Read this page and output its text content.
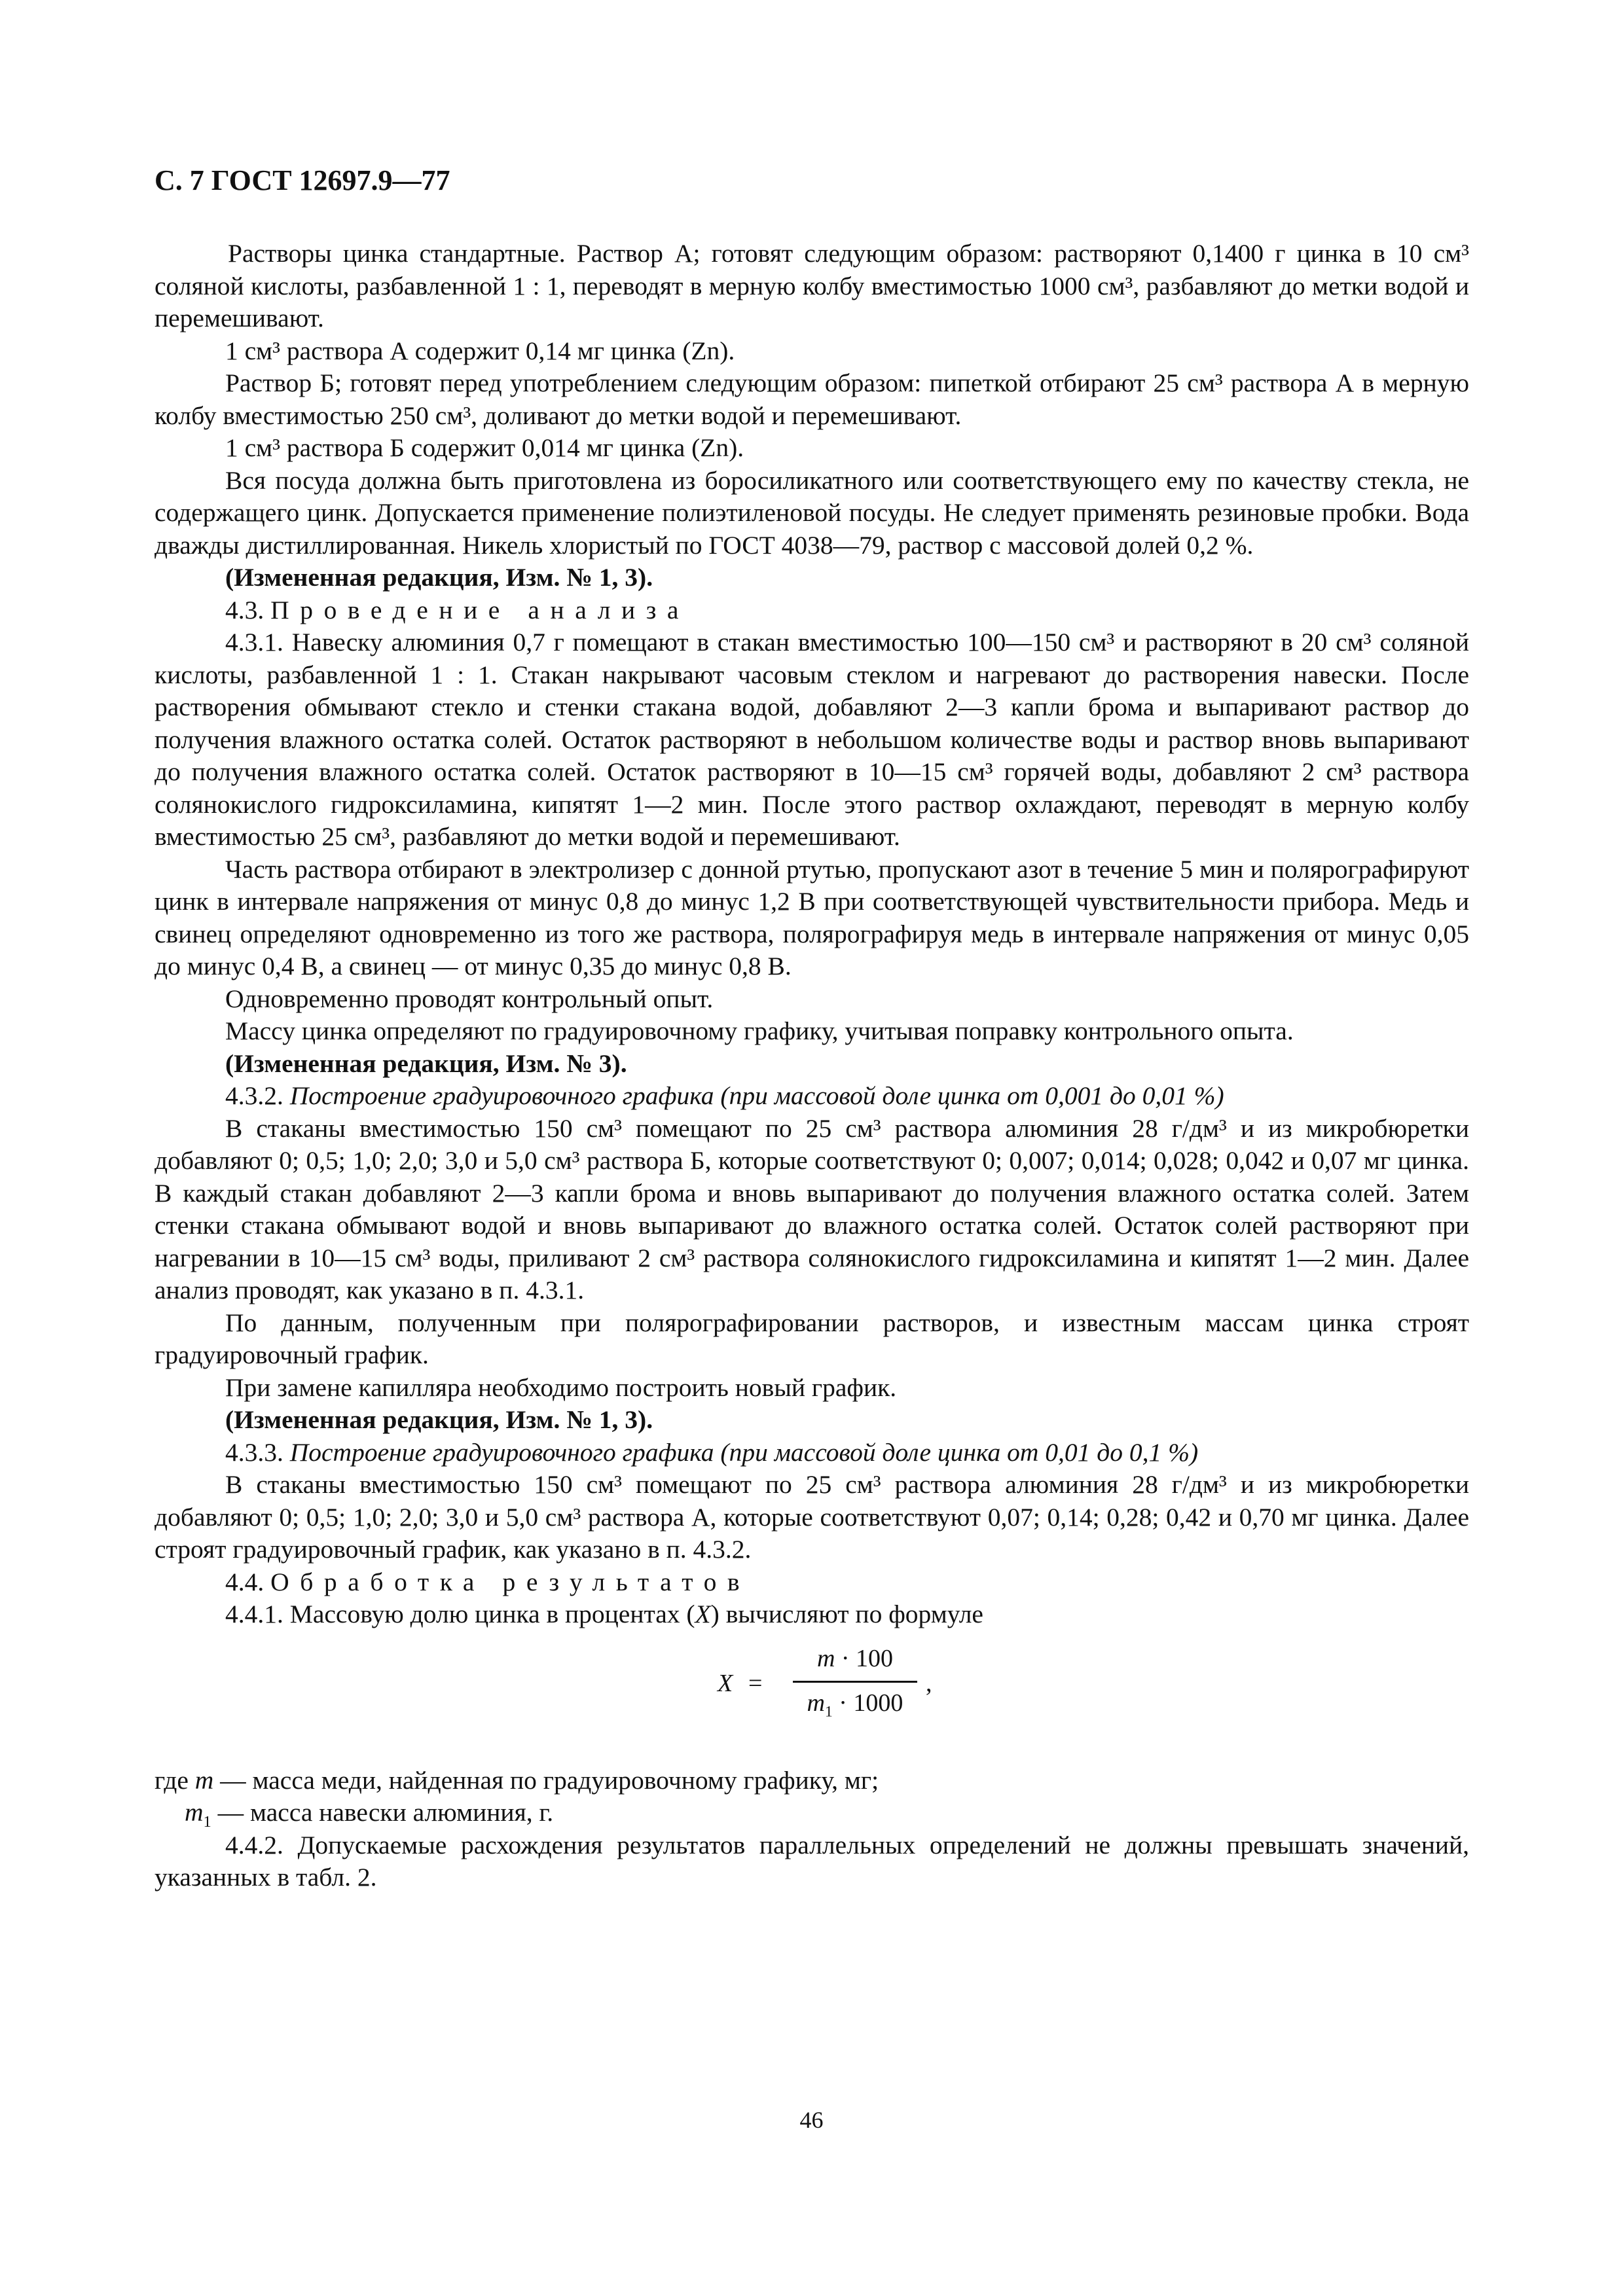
С. 7 ГОСТ 12697.9—77

Растворы цинка стандартные. Раствор А; готовят следующим образом: растворяют 0,1400 г цинка в 10 см³ соляной кислоты, разбавленной 1 : 1, переводят в мерную колбу вместимостью 1000 см³, разбавляют до метки водой и перемешивают.

1 см³ раствора А содержит 0,14 мг цинка (Zn).

Раствор Б; готовят перед употреблением следующим образом: пипеткой отбирают 25 см³ раствора А в мерную колбу вместимостью 250 см³, доливают до метки водой и перемешивают.

1 см³ раствора Б содержит 0,014 мг цинка (Zn).

Вся посуда должна быть приготовлена из боросиликатного или соответствующего ему по качеству стекла, не содержащего цинк. Допускается применение полиэтиленовой посуды. Не следует применять резиновые пробки. Вода дважды дистиллированная. Никель хлористый по ГОСТ 4038—79, раствор с массовой долей 0,2 %.

(Измененная редакция, Изм. № 1, 3).

4.3. Проведение анализа

4.3.1. Навеску алюминия 0,7 г помещают в стакан вместимостью 100—150 см³ и растворяют в 20 см³ соляной кислоты, разбавленной 1 : 1. Стакан накрывают часовым стеклом и нагревают до растворения навески. После растворения обмывают стекло и стенки стакана водой, добавляют 2—3 капли брома и выпаривают раствор до получения влажного остатка солей. Остаток растворяют в небольшом количестве воды и раствор вновь выпаривают до получения влажного остатка солей. Остаток растворяют в 10—15 см³ горячей воды, добавляют 2 см³ раствора солянокислого гидроксиламина, кипятят 1—2 мин. После этого раствор охлаждают, переводят в мерную колбу вместимостью 25 см³, разбавляют до метки водой и перемешивают.

Часть раствора отбирают в электролизер с донной ртутью, пропускают азот в течение 5 мин и полярографируют цинк в интервале напряжения от минус 0,8 до минус 1,2 В при соответствующей чувствительности прибора. Медь и свинец определяют одновременно из того же раствора, полярографируя медь в интервале напряжения от минус 0,05 до минус 0,4 В, а свинец — от минус 0,35 до минус 0,8 В.

Одновременно проводят контрольный опыт.

Массу цинка определяют по градуировочному графику, учитывая поправку контрольного опыта.

(Измененная редакция, Изм. № 3).

4.3.2. Построение градуировочного графика (при массовой доле цинка от 0,001 до 0,01 %)

В стаканы вместимостью 150 см³ помещают по 25 см³ раствора алюминия 28 г/дм³ и из микробюретки добавляют 0; 0,5; 1,0; 2,0; 3,0 и 5,0 см³ раствора Б, которые соответствуют 0; 0,007; 0,014; 0,028; 0,042 и 0,07 мг цинка. В каждый стакан добавляют 2—3 капли брома и вновь выпаривают до получения влажного остатка солей. Затем стенки стакана обмывают водой и вновь выпаривают до влажного остатка солей. Остаток солей растворяют при нагревании в 10—15 см³ воды, приливают 2 см³ раствора солянокислого гидроксиламина и кипятят 1—2 мин. Далее анализ проводят, как указано в п. 4.3.1.

По данным, полученным при полярографировании растворов, и известным массам цинка строят градуировочный график.

При замене капилляра необходимо построить новый график.

(Измененная редакция, Изм. № 1, 3).

4.3.3. Построение градуировочного графика (при массовой доле цинка от 0,01 до 0,1 %)

В стаканы вместимостью 150 см³ помещают по 25 см³ раствора алюминия 28 г/дм³ и из микробюретки добавляют 0; 0,5; 1,0; 2,0; 3,0 и 5,0 см³ раствора А, которые соответствуют 0,07; 0,14; 0,28; 0,42 и 0,70 мг цинка. Далее строят градуировочный график, как указано в п. 4.3.2.

4.4. Обработка результатов

4.4.1. Массовую долю цинка в процентах (X) вычисляют по формуле

X =
m · 100
$m_1 \cdot 1000$
,

где m — масса меди, найденная по градуировочному графику, мг;

$m_1$ — масса навески алюминия, г.

4.4.2. Допускаемые расхождения результатов параллельных определений не должны превышать значений, указанных в табл. 2.

46
